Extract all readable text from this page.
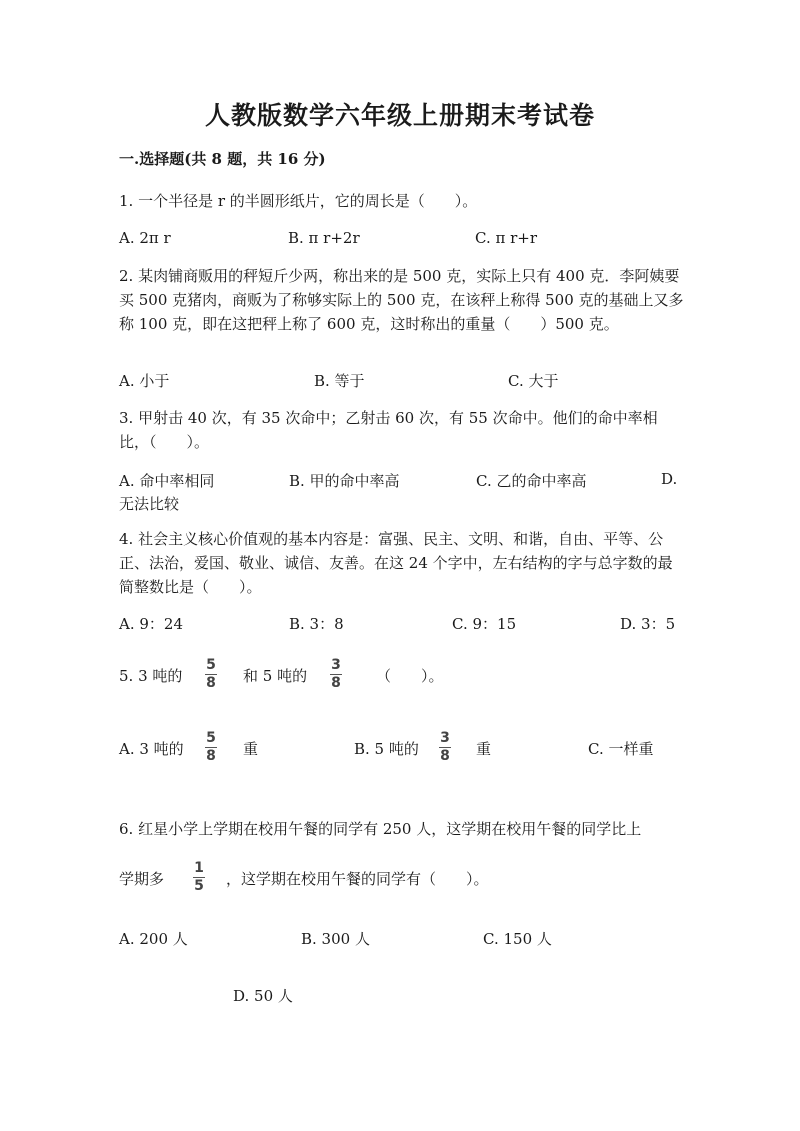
人教版数学六年级上册期末考试卷
一.选择题(共 8 题，共 16 分)
1. 一个半径是 r 的半圆形纸片，它的周长是（　　）。
A. 2π r	B. π r+2r	C. π r+r
2. 某肉铺商贩用的秤短斤少两，称出来的是 500 克，实际上只有 400 克．李阿姨要买 500 克猪肉，商贩为了称够实际上的 500 克，在该秤上称得 500 克的基础上又多称 100 克，即在这把秤上称了 600 克，这时称出的重量（　　）500 克。
A. 小于	B. 等于	C. 大于
3. 甲射击 40 次，有 35 次命中；乙射击 60 次，有 55 次命中。他们的命中率相比，（　　）。
A. 命中率相同	B. 甲的命中率高	C. 乙的命中率高	D.
无法比较
4. 社会主义核心价值观的基本内容是：富强、民主、文明、和谐，自由、平等、公正、法治，爱国、敬业、诚信、友善。在这 24 个字中，左右结构的字与总字数的最简整数比是（　　）。
A. 9：24	B. 3：8	C. 9：15	D. 3：5
5. 3 吨的
5
8 和 5 吨的
3
8 （　　）。
A. 3 吨的
5
8 重	B. 5 吨的
3
8 重	C. 一样重
6. 红星小学上学期在校用午餐的同学有 250 人，这学期在校用午餐的同学比上
学期多
1
5 ，这学期在校用午餐的同学有（　　）。
A. 200 人	B. 300 人	C. 150 人
D. 50 人
